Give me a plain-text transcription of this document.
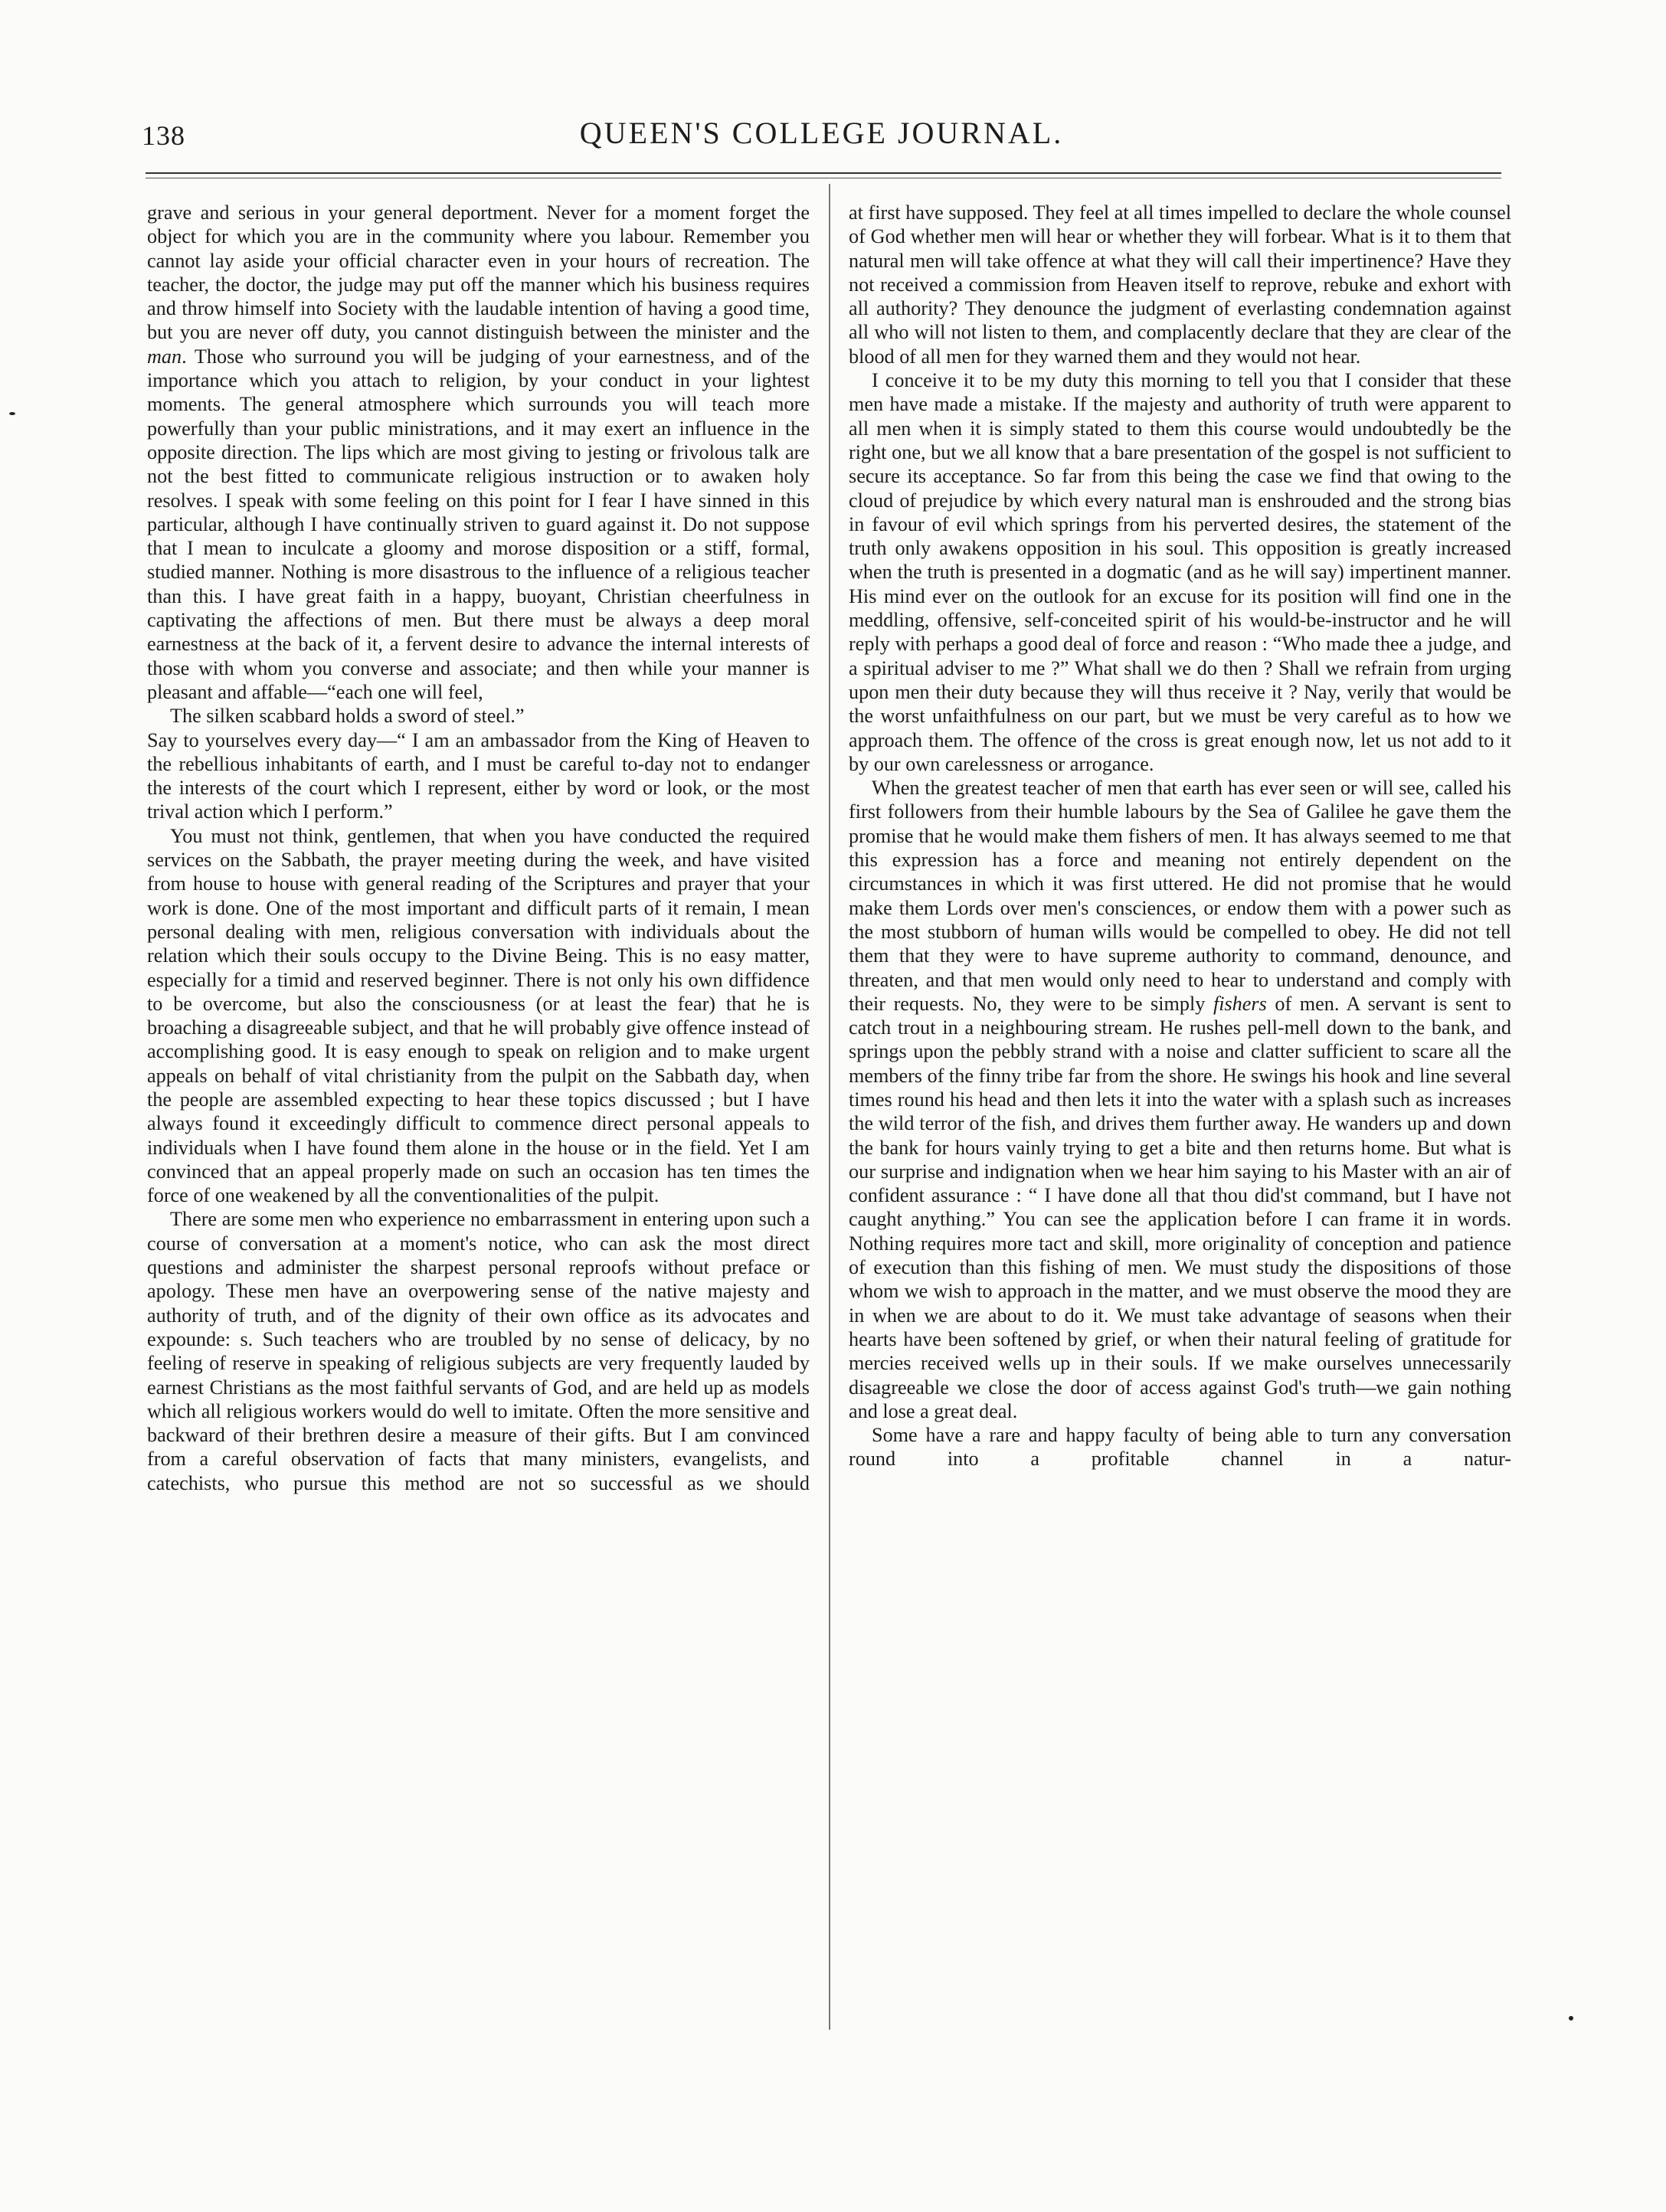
138	QUEEN'S COLLEGE JOURNAL.

grave and serious in your general deportment. Never for a moment forget the object for which you are in the community where you labour. Remember you cannot lay aside your official character even in your hours of recreation. The teacher, the doctor, the judge may put off the manner which his business requires and throw himself into Society with the laudable intention of having a good time, but you are never off duty, you cannot distinguish between the minister and the man. Those who surround you will be judging of your earnestness, and of the importance which you attach to religion, by your conduct in your lightest moments. The general atmosphere which surrounds you will teach more powerfully than your public ministrations, and it may exert an influence in the opposite direction. The lips which are most giving to jesting or frivolous talk are not the best fitted to communicate religious instruction or to awaken holy resolves. I speak with some feeling on this point for I fear I have sinned in this particular, although I have continually striven to guard against it. Do not suppose that I mean to inculcate a gloomy and morose disposition or a stiff, formal, studied manner. Nothing is more disastrous to the influence of a religious teacher than this. I have great faith in a happy, buoyant, Christian cheerfulness in captivating the affections of men. But there must be always a deep moral earnestness at the back of it, a fervent desire to advance the internal interests of those with whom you converse and associate; and then while your manner is pleasant and affable—“each one will feel,

The silken scabbard holds a sword of steel.”

Say to yourselves every day—“ I am an ambassador from the King of Heaven to the rebellious inhabitants of earth, and I must be careful to-day not to endanger the interests of the court which I represent, either by word or look, or the most trival action which I perform.”

You must not think, gentlemen, that when you have conducted the required services on the Sabbath, the prayer meeting during the week, and have visited from house to house with general reading of the Scriptures and prayer that your work is done. One of the most important and difficult parts of it remain, I mean personal dealing with men, religious conversation with individuals about the relation which their souls occupy to the Divine Being. This is no easy matter, especially for a timid and reserved beginner. There is not only his own diffidence to be overcome, but also the consciousness (or at least the fear) that he is broaching a disagreeable subject, and that he will probably give offence instead of accomplishing good. It is easy enough to speak on religion and to make urgent appeals on behalf of vital christianity from the pulpit on the Sabbath day, when the people are assembled expecting to hear these topics discussed ; but I have always found it exceedingly difficult to commence direct personal appeals to individuals when I have found them alone in the house or in the field. Yet I am convinced that an appeal properly made on such an occasion has ten times the force of one weakened by all the conventionalities of the pulpit.

There are some men who experience no embarrassment in entering upon such a course of conversation at a moment's notice, who can ask the most direct questions and administer the sharpest personal reproofs without preface or apology. These men have an overpowering sense of the native majesty and authority of truth, and of the dignity of their own office as its advocates and expounde: s. Such teachers who are troubled by no sense of delicacy, by no feeling of reserve in speaking of religious subjects are very frequently lauded by earnest Christians as the most faithful servants of God, and are held up as models which all religious workers would do well to imitate. Often the more sensitive and backward of their brethren desire a measure of their gifts. But I am convinced from a careful observation of facts that many ministers, evangelists, and catechists, who pursue this method are not so successful as we should

at first have supposed. They feel at all times impelled to declare the whole counsel of God whether men will hear or whether they will forbear. What is it to them that natural men will take offence at what they will call their impertinence? Have they not received a commission from Heaven itself to reprove, rebuke and exhort with all authority? They denounce the judgment of everlasting condemnation against all who will not listen to them, and complacently declare that they are clear of the blood of all men for they warned them and they would not hear.

I conceive it to be my duty this morning to tell you that I consider that these men have made a mistake. If the majesty and authority of truth were apparent to all men when it is simply stated to them this course would undoubtedly be the right one, but we all know that a bare presentation of the gospel is not sufficient to secure its acceptance. So far from this being the case we find that owing to the cloud of prejudice by which every natural man is enshrouded and the strong bias in favour of evil which springs from his perverted desires, the statement of the truth only awakens opposition in his soul. This opposition is greatly increased when the truth is presented in a dogmatic (and as he will say) impertinent manner. His mind ever on the outlook for an excuse for its position will find one in the meddling, offensive, self-conceited spirit of his would-be-instructor and he will reply with perhaps a good deal of force and reason : “Who made thee a judge, and a spiritual adviser to me ?” What shall we do then ? Shall we refrain from urging upon men their duty because they will thus receive it ? Nay, verily that would be the worst unfaithfulness on our part, but we must be very careful as to how we approach them. The offence of the cross is great enough now, let us not add to it by our own carelessness or arrogance.

When the greatest teacher of men that earth has ever seen or will see, called his first followers from their humble labours by the Sea of Galilee he gave them the promise that he would make them fishers of men. It has always seemed to me that this expression has a force and meaning not entirely dependent on the circumstances in which it was first uttered. He did not promise that he would make them Lords over men's consciences, or endow them with a power such as the most stubborn of human wills would be compelled to obey. He did not tell them that they were to have supreme authority to command, denounce, and threaten, and that men would only need to hear to understand and comply with their requests. No, they were to be simply fishers of men. A servant is sent to catch trout in a neighbouring stream. He rushes pell-mell down to the bank, and springs upon the pebbly strand with a noise and clatter sufficient to scare all the members of the finny tribe far from the shore. He swings his hook and line several times round his head and then lets it into the water with a splash such as increases the wild terror of the fish, and drives them further away. He wanders up and down the bank for hours vainly trying to get a bite and then returns home. But what is our surprise and indignation when we hear him saying to his Master with an air of confident assurance : “ I have done all that thou did'st command, but I have not caught anything.” You can see the application before I can frame it in words. Nothing requires more tact and skill, more originality of conception and patience of execution than this fishing of men. We must study the dispositions of those whom we wish to approach in the matter, and we must observe the mood they are in when we are about to do it. We must take advantage of seasons when their hearts have been softened by grief, or when their natural feeling of gratitude for mercies received wells up in their souls. If we make ourselves unnecessarily disagreeable we close the door of access against God's truth—we gain nothing and lose a great deal.

Some have a rare and happy faculty of being able to turn any conversation round into a profitable channel in a natur-
